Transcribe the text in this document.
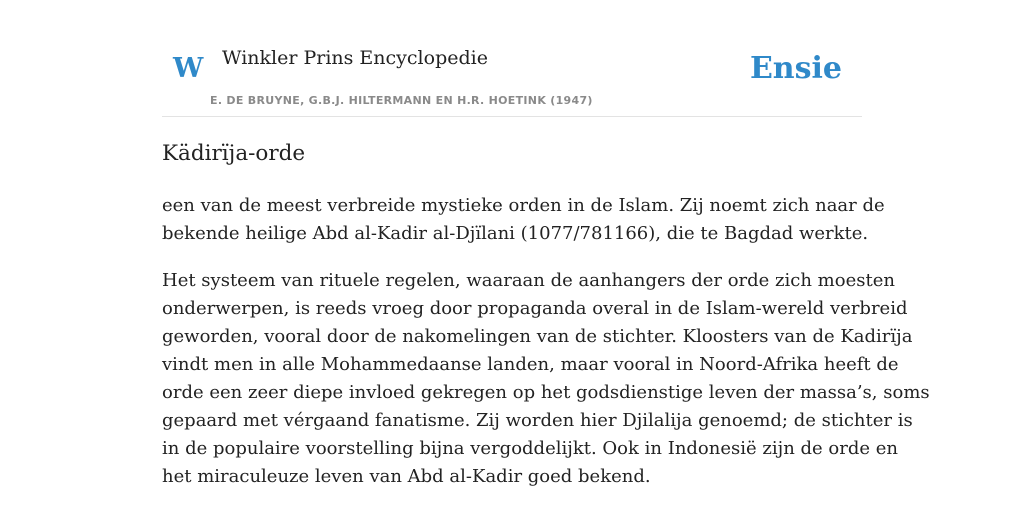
W Winkler Prins Encyclopedie
E. DE BRUYNE, G.B.J. HILTERMANN EN H.R. HOETINK (1947)
Ensie
Kädirïja-orde

een van de meest verbreide mystieke orden in de Islam. Zij noemt zich naar de
bekende heilige Abd al-Kadir al-Djïlani (1077/781166), die te Bagdad werkte.

Het systeem van rituele regelen, waaraan de aanhangers der orde zich moesten
onderwerpen, is reeds vroeg door propaganda overal in de Islam-wereld verbreid
geworden, vooral door de nakomelingen van de stichter. Kloosters van de Kadirïja
vindt men in alle Mohammedaanse landen, maar vooral in Noord-Afrika heeft de
orde een zeer diepe invloed gekregen op het godsdienstige leven der massa’s, soms
gepaard met vérgaand fanatisme. Zij worden hier Djilalija genoemd; de stichter is
in de populaire voorstelling bijna vergoddelijkt. Ook in Indonesië zijn de orde en
het miraculeuze leven van Abd al-Kadir goed bekend.
